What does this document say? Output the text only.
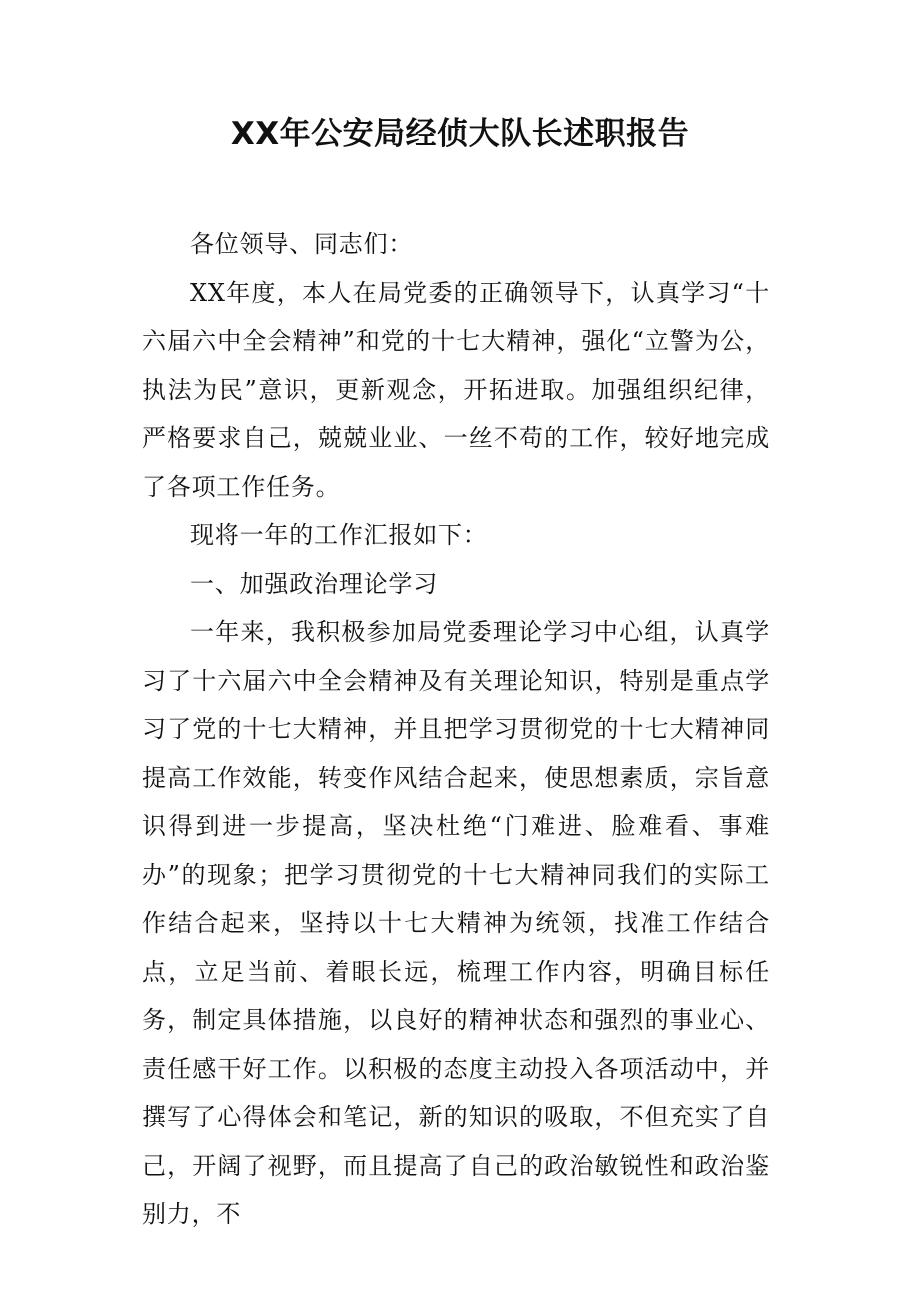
XX年公安局经侦大队长述职报告

各位领导、同志们：

XX年度，本人在局党委的正确领导下，认真学习“十六届六中全会精神”和党的十七大精神，强化“立警为公，执法为民”意识，更新观念，开拓进取。加强组织纪律，严格要求自己，兢兢业业、一丝不苟的工作，较好地完成了各项工作任务。

现将一年的工作汇报如下：

一、加强政治理论学习

一年来，我积极参加局党委理论学习中心组，认真学习了十六届六中全会精神及有关理论知识，特别是重点学习了党的十七大精神，并且把学习贯彻党的十七大精神同提高工作效能，转变作风结合起来，使思想素质，宗旨意识得到进一步提高，坚决杜绝“门难进、脸难看、事难办”的现象；把学习贯彻党的十七大精神同我们的实际工作结合起来，坚持以十七大精神为统领，找准工作结合点，立足当前、着眼长远，梳理工作内容，明确目标任务，制定具体措施，以良好的精神状态和强烈的事业心、责任感干好工作。以积极的态度主动投入各项活动中，并撰写了心得体会和笔记，新的知识的吸取，不但充实了自己，开阔了视野，而且提高了自己的政治敏锐性和政治鉴别力，不
